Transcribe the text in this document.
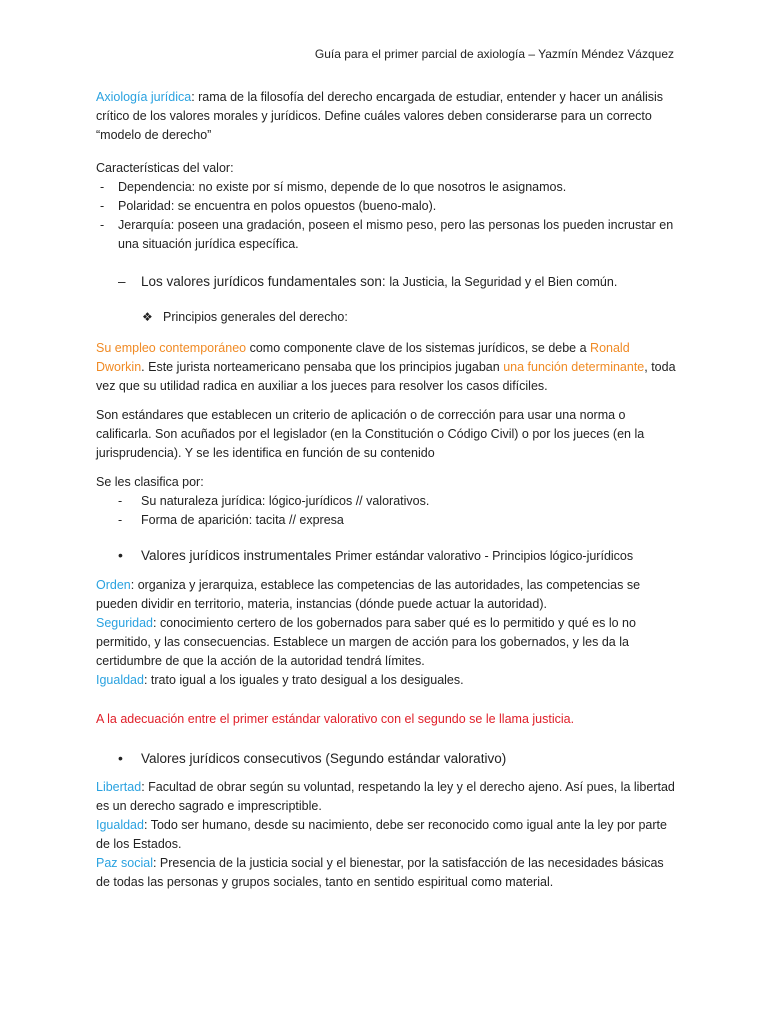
Guía para el primer parcial de axiología – Yazmín Méndez Vázquez

Axiología jurídica: rama de la filosofía del derecho encargada de estudiar, entender y hacer un análisis crítico de los valores morales y jurídicos. Define cuáles valores deben considerarse para un correcto “modelo de derecho”

Características del valor:

- Dependencia: no existe por sí mismo, depende de lo que nosotros le asignamos.
- Polaridad: se encuentra en polos opuestos (bueno-malo).
- Jerarquía: poseen una gradación, poseen el mismo peso, pero las personas los pueden incrustar en una situación jurídica específica.

– Los valores jurídicos fundamentales son: la Justicia, la Seguridad y el Bien común.

❖ Principios generales del derecho:

Su empleo contemporáneo como componente clave de los sistemas jurídicos, se debe a Ronald Dworkin. Este jurista norteamericano pensaba que los principios jugaban una función determinante, toda vez que su utilidad radica en auxiliar a los jueces para resolver los casos difíciles.

Son estándares que establecen un criterio de aplicación o de corrección para usar una norma o calificarla. Son acuñados por el legislador (en la Constitución o Código Civil) o por los jueces (en la jurisprudencia). Y se les identifica en función de su contenido

Se les clasifica por:

- Su naturaleza jurídica: lógico-jurídicos // valorativos.
- Forma de aparición: tacita // expresa

• Valores jurídicos instrumentales Primer estándar valorativo - Principios lógico-jurídicos

Orden: organiza y jerarquiza, establece las competencias de las autoridades, las competencias se pueden dividir en territorio, materia, instancias (dónde puede actuar la autoridad).

Seguridad: conocimiento certero de los gobernados para saber qué es lo permitido y qué es lo no permitido, y las consecuencias. Establece un margen de acción para los gobernados, y les da la certidumbre de que la acción de la autoridad tendrá límites.

Igualdad: trato igual a los iguales y trato desigual a los desiguales.

A la adecuación entre el primer estándar valorativo con el segundo se le llama justicia.

• Valores jurídicos consecutivos (Segundo estándar valorativo)

Libertad: Facultad de obrar según su voluntad, respetando la ley y el derecho ajeno. Así pues, la libertad es un derecho sagrado e imprescriptible.

Igualdad: Todo ser humano, desde su nacimiento, debe ser reconocido como igual ante la ley por parte de los Estados.

Paz social: Presencia de la justicia social y el bienestar, por la satisfacción de las necesidades básicas de todas las personas y grupos sociales, tanto en sentido espiritual como material.
